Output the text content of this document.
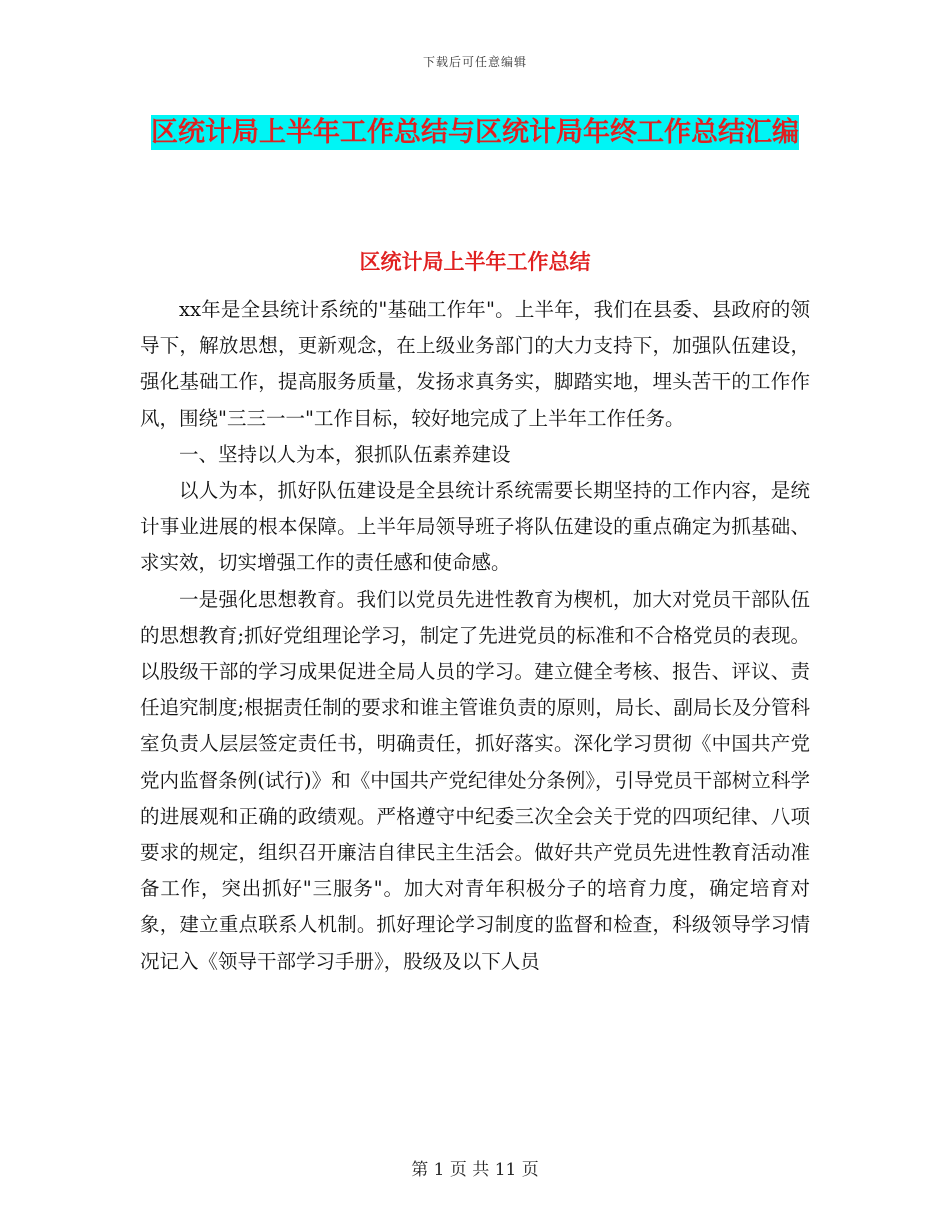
下载后可任意编辑
区统计局上半年工作总结与区统计局年终工作总结汇编
区统计局上半年工作总结

xx年是全县统计系统的"基础工作年"。上半年，我们在县委、县政府的领导下，解放思想，更新观念，在上级业务部门的大力支持下，加强队伍建设，强化基础工作，提高服务质量，发扬求真务实，脚踏实地，埋头苦干的工作作风，围绕"三三一一"工作目标，较好地完成了上半年工作任务。

一、坚持以人为本，狠抓队伍素养建设

以人为本，抓好队伍建设是全县统计系统需要长期坚持的工作内容，是统计事业进展的根本保障。上半年局领导班子将队伍建设的重点确定为抓基础、求实效，切实增强工作的责任感和使命感。

一是强化思想教育。我们以党员先进性教育为楔机，加大对党员干部队伍的思想教育;抓好党组理论学习，制定了先进党员的标准和不合格党员的表现。以股级干部的学习成果促进全局人员的学习。建立健全考核、报告、评议、责任追究制度;根据责任制的要求和谁主管谁负责的原则，局长、副局长及分管科室负责人层层签定责任书，明确责任，抓好落实。深化学习贯彻《中国共产党党内监督条例(试行)》和《中国共产党纪律处分条例》，引导党员干部树立科学的进展观和正确的政绩观。严格遵守中纪委三次全会关于党的四项纪律、八项要求的规定，组织召开廉洁自律民主生活会。做好共产党员先进性教育活动准备工作，突出抓好"三服务"。加大对青年积极分子的培育力度，确定培育对象，建立重点联系人机制。抓好理论学习制度的监督和检查，科级领导学习情况记入《领导干部学习手册》，股级及以下人员

第 1 页 共 11 页
